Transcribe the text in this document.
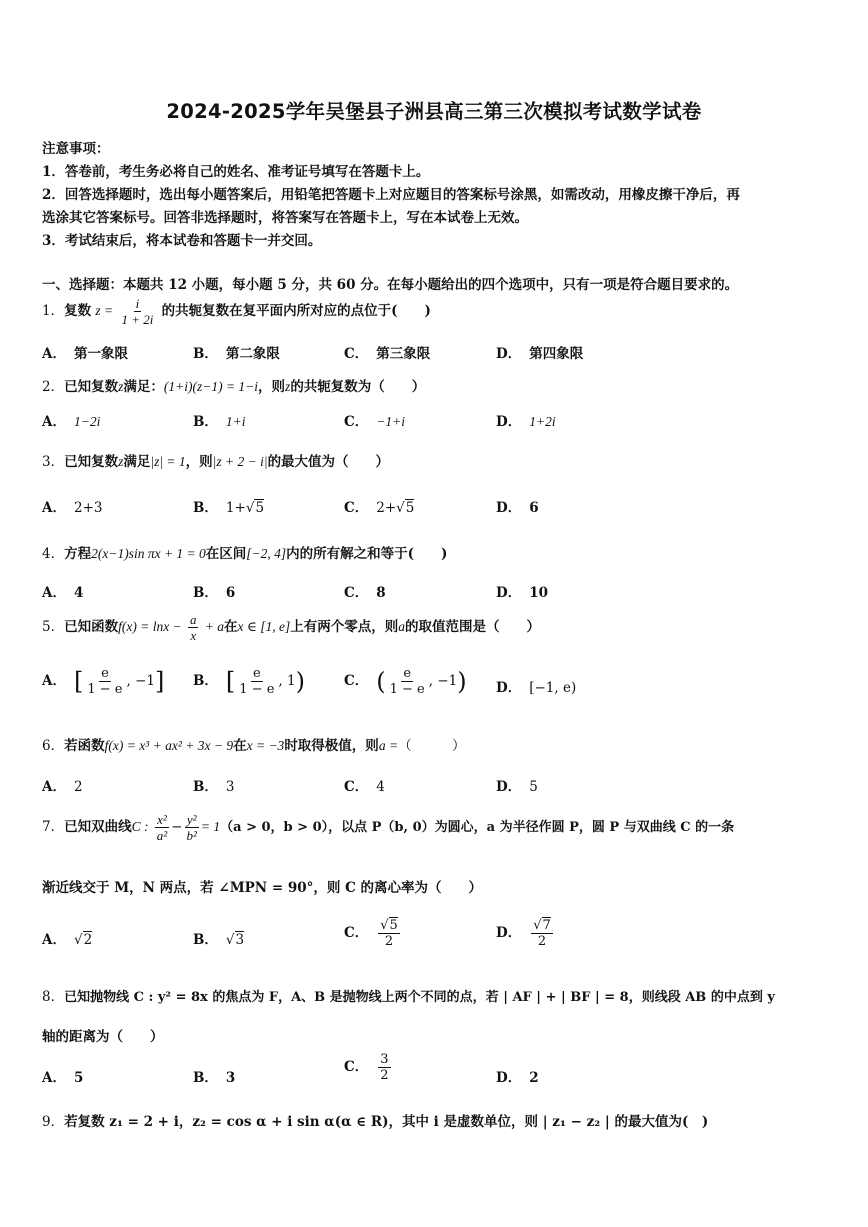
2024-2025学年吴堡县子洲县高三第三次模拟考试数学试卷
注意事项：
1．答卷前，考生务必将自己的姓名、准考证号填写在答题卡上。
2．回答选择题时，选出每小题答案后，用铅笔把答题卡上对应题目的答案标号涂黑，如需改动，用橡皮擦干净后，再
选涂其它答案标号。回答非选择题时，将答案写在答题卡上，写在本试卷上无效。
3．考试结束后，将本试卷和答题卡一并交回。
一、选择题：本题共 12 小题，每小题 5 分，共 60 分。在每小题给出的四个选项中，只有一项是符合题目要求的。
1．复数 $z = \frac{i}{1 + 2i}$ 的共轭复数在复平面内所对应的点位于(　　)
A． 第一象限	B． 第二象限	C． 第三象限	D． 第四象限
2．已知复数z满足：(1+i)(z−1) = 1−i，则z的共轭复数为（　　）
A． 1−2i	B． 1+i	C． −1+i	D． 1+2i
3．已知复数z满足|z| = 1，则|z + 2 − i|的最大值为（　　）
A． 2+3	B． 1+√5	C． 2+√5	D． 6
4．方程2(x−1)sin πx + 1 = 0在区间[−2, 4]内的所有解之和等于(　　)
A． 4	B． 6	C． 8	D． 10
5．已知函数$f(x) = \ln x - \frac{a}{x} + a$在x ∈ [1, e]上有两个零点，则a的取值范围是（　　）
A． [ $\frac{e}{1 - e}$ , −1] B． [ $\frac{e}{1 - e}$ , 1)	C． ( $\frac{e}{1 - e}$ , −1) D． [−1, e)
6．若函数f(x) = x³ + ax² + 3x − 9在x = −3时取得极值，则a =（　　　）
A． 2	B． 3	C． 4	D． 5
7．已知双曲线C : $\frac{\text{x²}}{\text{a²}} - \frac{\text{y²}}{\text{b²}} = 1(a > 0$，b > 0），以点 P（b, 0）为圆心，a 为半径作圆 P，圆 P 与双曲线 C 的一条
渐近线交于 M，N 两点，若 ∠MPN = 90°，则 C 的离心率为（　　）
A． √2	B． √3	C． $\frac{√5}{2}$	D． $\frac{√7}{2}$
8．已知抛物线 C : y² = 8x 的焦点为 F，A、B 是抛物线上两个不同的点，若 | AF | + | BF | = 8，则线段 AB 的中点到 y
轴的距离为（　　）
A． 5	B． 3
C． $\frac{3}{2}$	D． 2
9．若复数 z₁ = 2 + i，z₂ = cos α + i sin α(α ∈ R)，其中 i 是虚数单位，则 | z₁ − z₂ | 的最大值为(　)
